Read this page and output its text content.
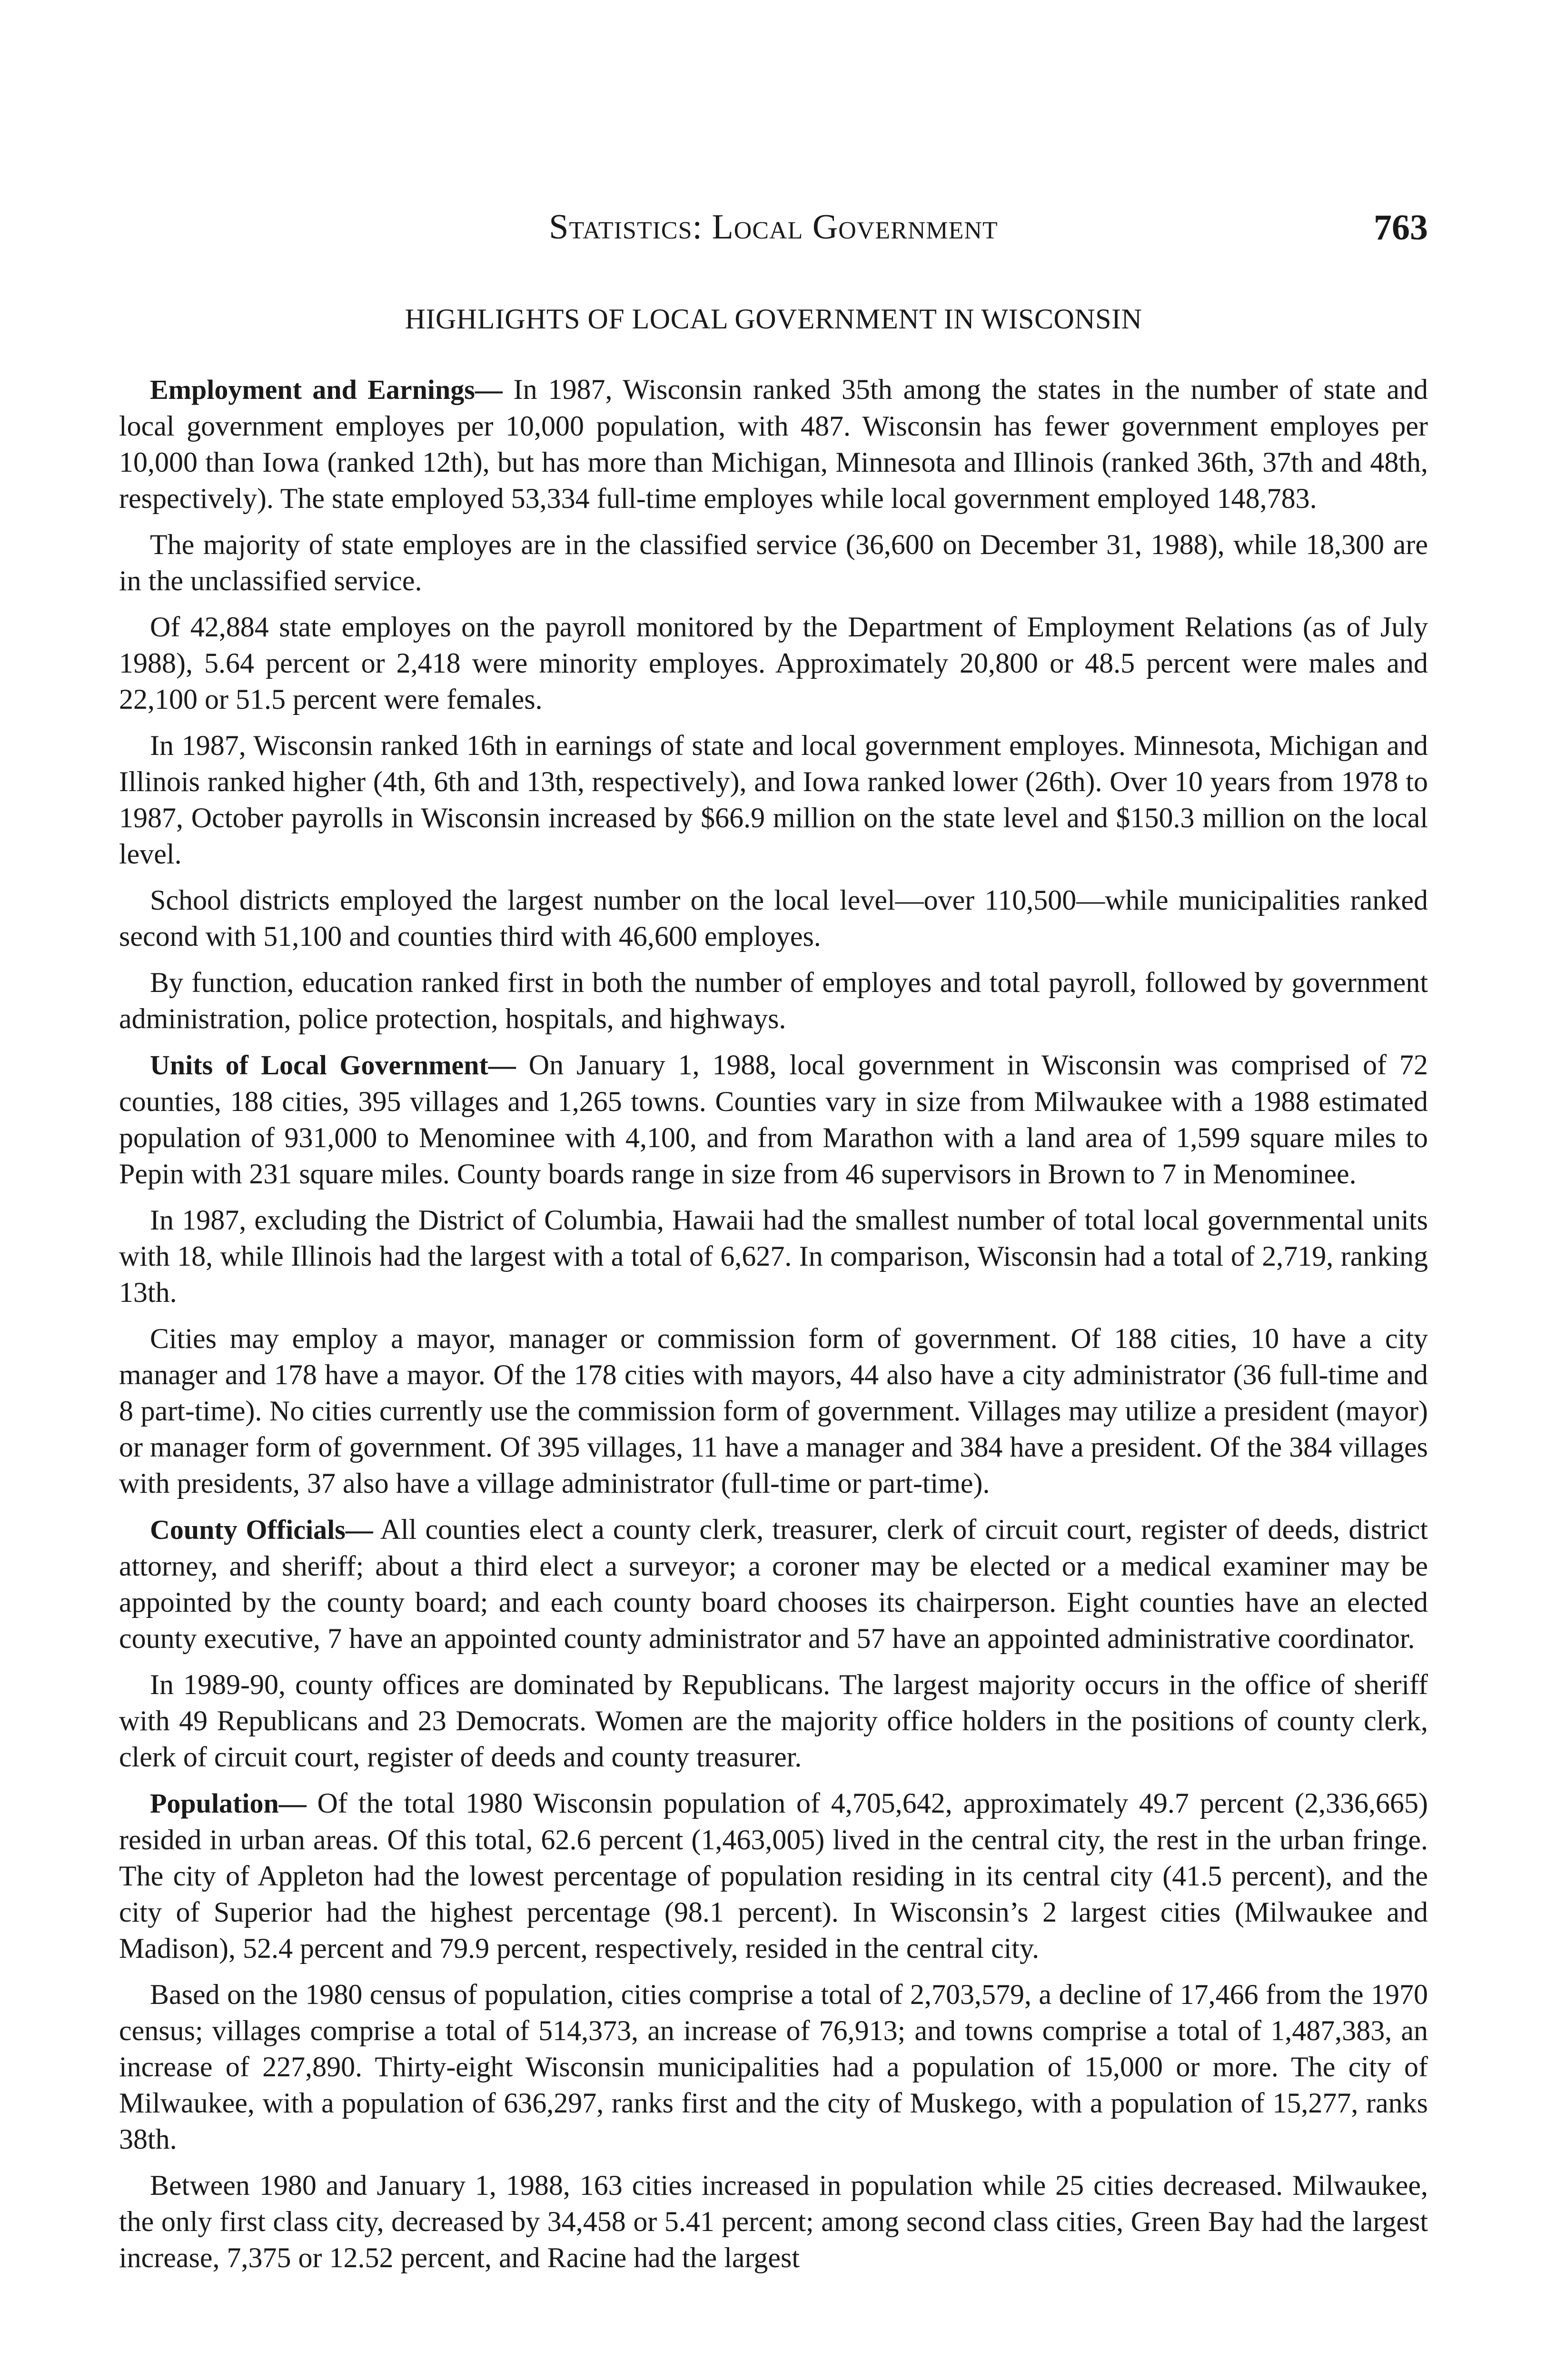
Statistics: Local Government	763
HIGHLIGHTS OF LOCAL GOVERNMENT IN WISCONSIN

Employment and Earnings— In 1987, Wisconsin ranked 35th among the states in the number of state and local government employes per 10,000 population, with 487. Wisconsin has fewer government employes per 10,000 than Iowa (ranked 12th), but has more than Michigan, Minnesota and Illinois (ranked 36th, 37th and 48th, respectively). The state employed 53,334 full-time employes while local government employed 148,783.

The majority of state employes are in the classified service (36,600 on December 31, 1988), while 18,300 are in the unclassified service.

Of 42,884 state employes on the payroll monitored by the Department of Employment Relations (as of July 1988), 5.64 percent or 2,418 were minority employes. Approximately 20,800 or 48.5 percent were males and 22,100 or 51.5 percent were females.

In 1987, Wisconsin ranked 16th in earnings of state and local government employes. Minnesota, Michigan and Illinois ranked higher (4th, 6th and 13th, respectively), and Iowa ranked lower (26th). Over 10 years from 1978 to 1987, October payrolls in Wisconsin increased by $66.9 million on the state level and $150.3 million on the local level.

School districts employed the largest number on the local level—over 110,500—while municipalities ranked second with 51,100 and counties third with 46,600 employes.

By function, education ranked first in both the number of employes and total payroll, followed by government administration, police protection, hospitals, and highways.

Units of Local Government— On January 1, 1988, local government in Wisconsin was comprised of 72 counties, 188 cities, 395 villages and 1,265 towns. Counties vary in size from Milwaukee with a 1988 estimated population of 931,000 to Menominee with 4,100, and from Marathon with a land area of 1,599 square miles to Pepin with 231 square miles. County boards range in size from 46 supervisors in Brown to 7 in Menominee.

In 1987, excluding the District of Columbia, Hawaii had the smallest number of total local governmental units with 18, while Illinois had the largest with a total of 6,627. In comparison, Wisconsin had a total of 2,719, ranking 13th.

Cities may employ a mayor, manager or commission form of government. Of 188 cities, 10 have a city manager and 178 have a mayor. Of the 178 cities with mayors, 44 also have a city administrator (36 full-time and 8 part-time). No cities currently use the commission form of government. Villages may utilize a president (mayor) or manager form of government. Of 395 villages, 11 have a manager and 384 have a president. Of the 384 villages with presidents, 37 also have a village administrator (full-time or part-time).

County Officials— All counties elect a county clerk, treasurer, clerk of circuit court, register of deeds, district attorney, and sheriff; about a third elect a surveyor; a coroner may be elected or a medical examiner may be appointed by the county board; and each county board chooses its chairperson. Eight counties have an elected county executive, 7 have an appointed county administrator and 57 have an appointed administrative coordinator.

In 1989-90, county offices are dominated by Republicans. The largest majority occurs in the office of sheriff with 49 Republicans and 23 Democrats. Women are the majority office holders in the positions of county clerk, clerk of circuit court, register of deeds and county treasurer.

Population— Of the total 1980 Wisconsin population of 4,705,642, approximately 49.7 percent (2,336,665) resided in urban areas. Of this total, 62.6 percent (1,463,005) lived in the central city, the rest in the urban fringe. The city of Appleton had the lowest percentage of population residing in its central city (41.5 percent), and the city of Superior had the highest percentage (98.1 percent). In Wisconsin’s 2 largest cities (Milwaukee and Madison), 52.4 percent and 79.9 percent, respectively, resided in the central city.

Based on the 1980 census of population, cities comprise a total of 2,703,579, a decline of 17,466 from the 1970 census; villages comprise a total of 514,373, an increase of 76,913; and towns comprise a total of 1,487,383, an increase of 227,890. Thirty-eight Wisconsin municipalities had a population of 15,000 or more. The city of Milwaukee, with a population of 636,297, ranks first and the city of Muskego, with a population of 15,277, ranks 38th.

Between 1980 and January 1, 1988, 163 cities increased in population while 25 cities decreased. Milwaukee, the only first class city, decreased by 34,458 or 5.41 percent; among second class cities, Green Bay had the largest increase, 7,375 or 12.52 percent, and Racine had the largest
